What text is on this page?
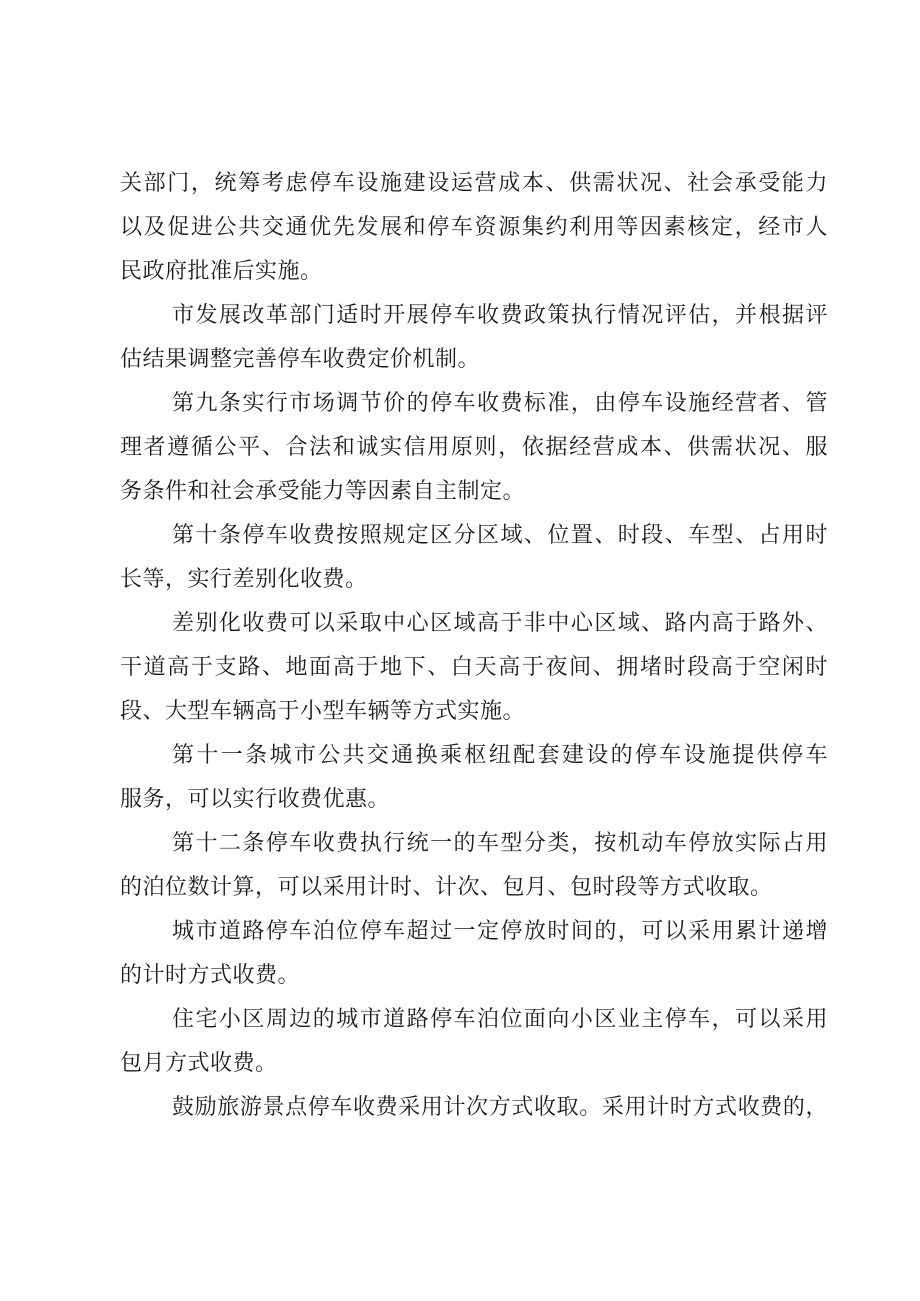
关部门，统筹考虑停车设施建设运营成本、供需状况、社会承受能力
以及促进公共交通优先发展和停车资源集约利用等因素核定，经市人
民政府批准后实施。
市发展改革部门适时开展停车收费政策执行情况评估，并根据评
估结果调整完善停车收费定价机制。
第九条实行市场调节价的停车收费标准，由停车设施经营者、管
理者遵循公平、合法和诚实信用原则，依据经营成本、供需状况、服
务条件和社会承受能力等因素自主制定。
第十条停车收费按照规定区分区域、位置、时段、车型、占用时
长等，实行差别化收费。
差别化收费可以采取中心区域高于非中心区域、路内高于路外、
干道高于支路、地面高于地下、白天高于夜间、拥堵时段高于空闲时
段、大型车辆高于小型车辆等方式实施。
第十一条城市公共交通换乘枢纽配套建设的停车设施提供停车
服务，可以实行收费优惠。
第十二条停车收费执行统一的车型分类，按机动车停放实际占用
的泊位数计算，可以采用计时、计次、包月、包时段等方式收取。
城市道路停车泊位停车超过一定停放时间的，可以采用累计递增
的计时方式收费。
住宅小区周边的城市道路停车泊位面向小区业主停车，可以采用
包月方式收费。
鼓励旅游景点停车收费采用计次方式收取。采用计时方式收费的，
